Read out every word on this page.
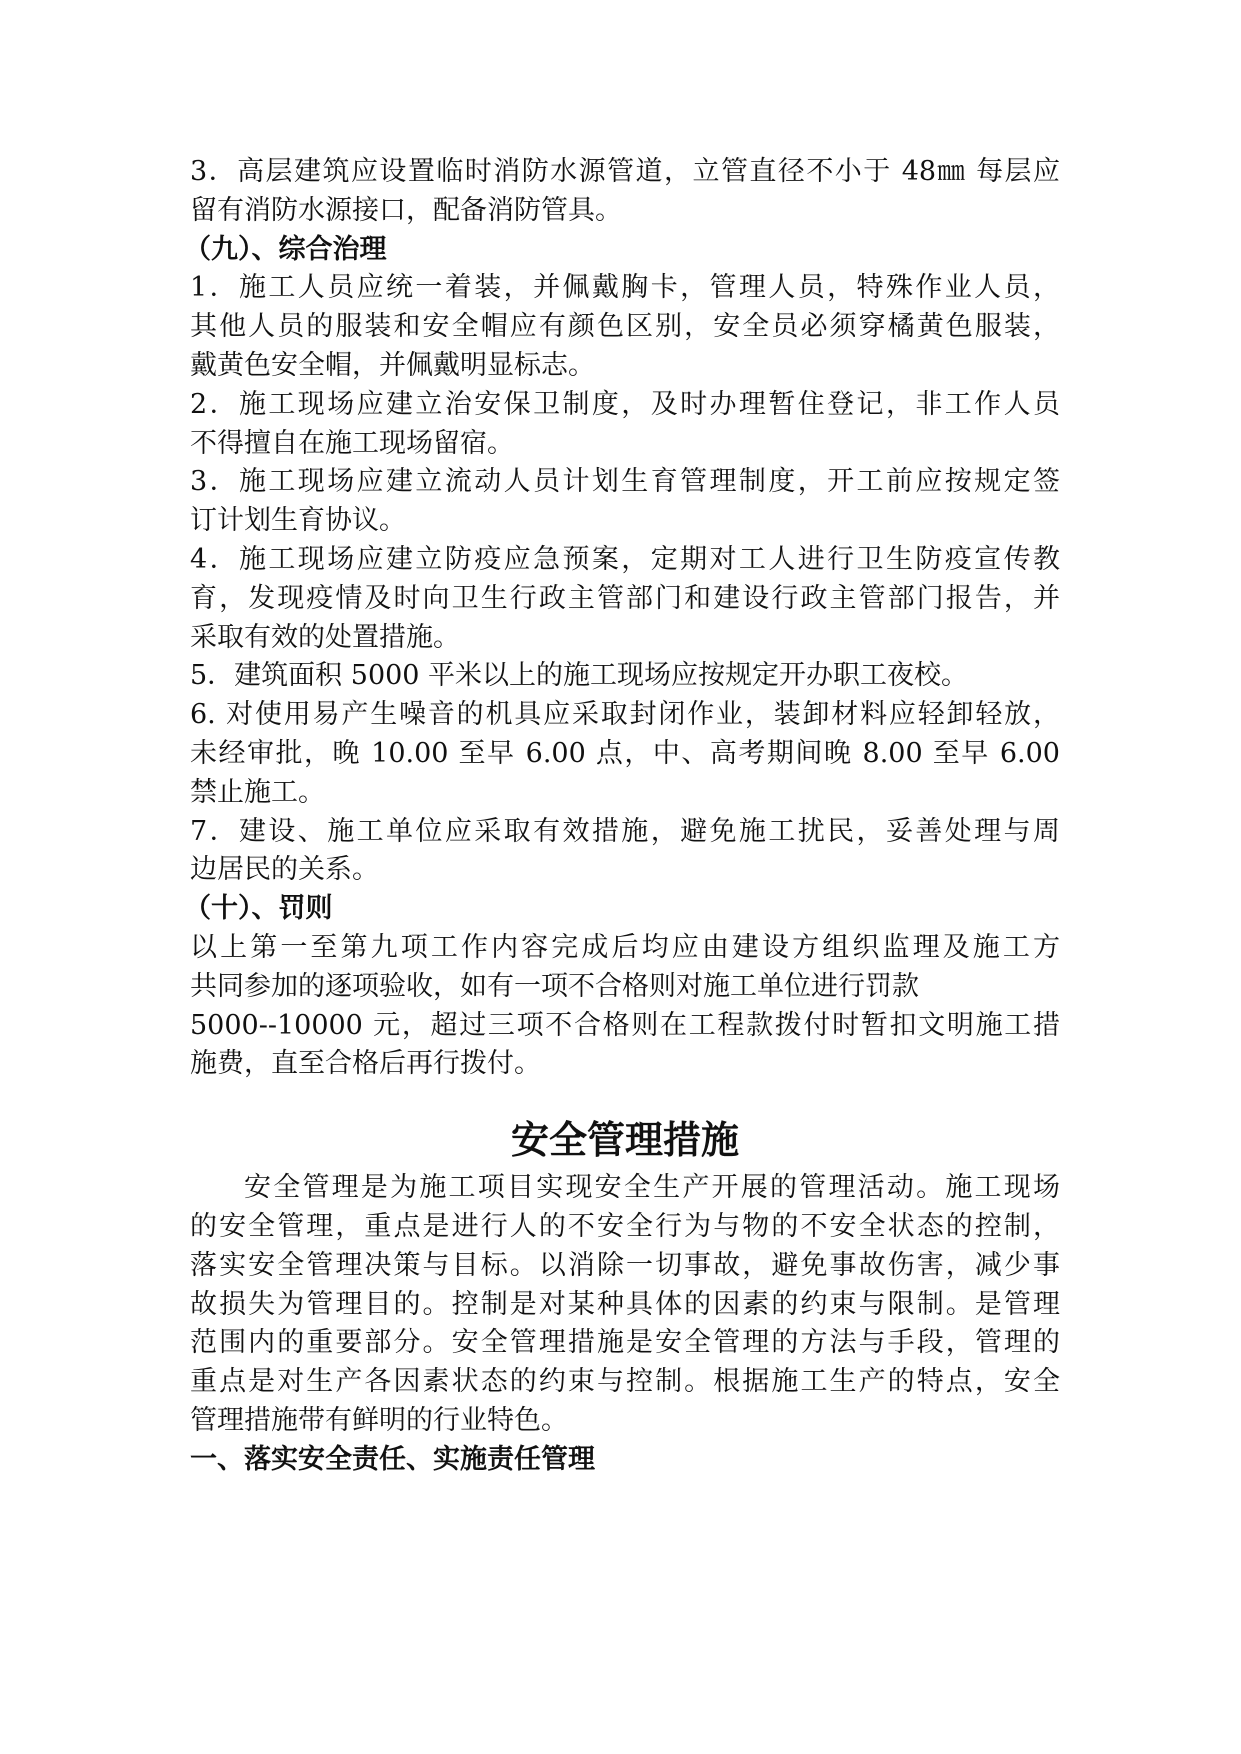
3．高层建筑应设置临时消防水源管道，立管直径不小于 48㎜ 每层应
留有消防水源接口，配备消防管具。
（九）、综合治理
1．施工人员应统一着装，并佩戴胸卡，管理人员，特殊作业人员，
其他人员的服装和安全帽应有颜色区别，安全员必须穿橘黄色服装，
戴黄色安全帽，并佩戴明显标志。
2．施工现场应建立治安保卫制度，及时办理暂住登记，非工作人员
不得擅自在施工现场留宿。
3．施工现场应建立流动人员计划生育管理制度，开工前应按规定签
订计划生育协议。
4．施工现场应建立防疫应急预案，定期对工人进行卫生防疫宣传教
育，发现疫情及时向卫生行政主管部门和建设行政主管部门报告，并
采取有效的处置措施。
5．建筑面积 5000 平米以上的施工现场应按规定开办职工夜校。
6. 对使用易产生噪音的机具应采取封闭作业，装卸材料应轻卸轻放，
未经审批，晚 10.00 至早 6.00 点，中、高考期间晚 8.00 至早 6.00
禁止施工。
7．建设、施工单位应采取有效措施，避免施工扰民，妥善处理与周
边居民的关系。
（十）、罚则
以上第一至第九项工作内容完成后均应由建设方组织监理及施工方
共同参加的逐项验收，如有一项不合格则对施工单位进行罚款
5000--10000 元，超过三项不合格则在工程款拨付时暂扣文明施工措
施费，直至合格后再行拨付。
安全管理措施
安全管理是为施工项目实现安全生产开展的管理活动。施工现场
的安全管理，重点是进行人的不安全行为与物的不安全状态的控制，
落实安全管理决策与目标。以消除一切事故，避免事故伤害，减少事
故损失为管理目的。控制是对某种具体的因素的约束与限制。是管理
范围内的重要部分。安全管理措施是安全管理的方法与手段，管理的
重点是对生产各因素状态的约束与控制。根据施工生产的特点，安全
管理措施带有鲜明的行业特色。
一、落实安全责任、实施责任管理
